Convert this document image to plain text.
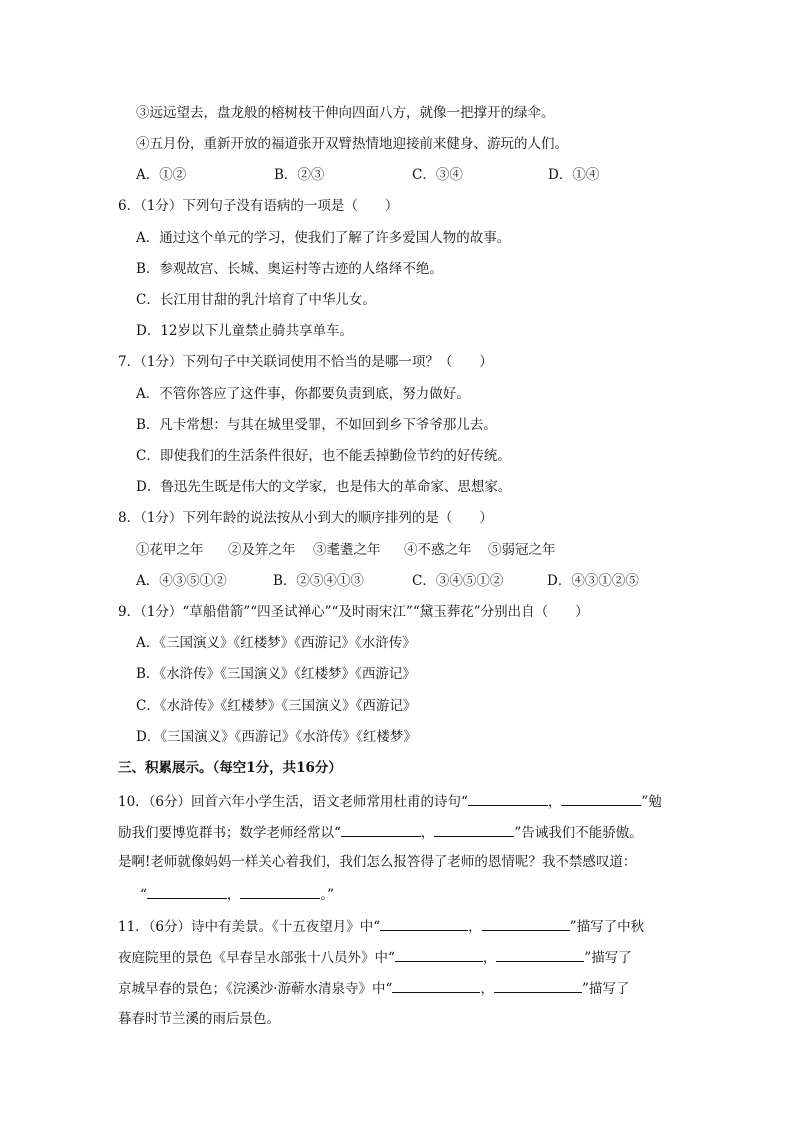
③远远望去，盘龙般的榕树枝干伸向四面八方，就像一把撑开的绿伞。
④五月份，重新开放的福道张开双臂热情地迎接前来健身、游玩的人们。
A．①②	B．②③	C．③④	D．①④
6．（1分）下列句子没有语病的一项是（　　）
A．通过这个单元的学习，使我们了解了许多爱国人物的故事。
B．参观故宫、长城、奥运村等古迹的人络绎不绝。
C．长江用甘甜的乳汁培育了中华儿女。
D．12岁以下儿童禁止骑共享单车。
7．（1分）下列句子中关联词使用不恰当的是哪一项？（　　）
A．不管你答应了这件事，你都要负责到底，努力做好。
B．凡卡常想：与其在城里受罪，不如回到乡下爷爷那儿去。
C．即使我们的生活条件很好，也不能丢掉勤俭节约的好传统。
D．鲁迅先生既是伟大的文学家，也是伟大的革命家、思想家。
8．（1分）下列年龄的说法按从小到大的顺序排列的是（　　）
①花甲之年 ②及笄之年 ③耄耋之年 ④不惑之年 ⑤弱冠之年
A．④③⑤①②	B．②⑤④①③	C．③④⑤①②	D．④③①②⑤
9．（1分）“草船借箭”“四圣试禅心”“及时雨宋江”“黛玉葬花”分别出自（　　）
A．《三国演义》《红楼梦》《西游记》《水浒传》
B．《水浒传》《三国演义》《红楼梦》《西游记》
C．《水浒传》《红楼梦》《三国演义》《西游记》
D．《三国演义》《西游记》《水浒传》《红楼梦》
三、积累展示。（每空1分，共16分）
10．（6分）回首六年小学生活，语文老师常用杜甫的诗句“	，	”勉
励我们要博览群书；数学老师经常以“	，	”告诫我们不能骄傲。
是啊!老师就像妈妈一样关心着我们，我们怎么报答得了老师的恩情呢？我不禁感叹道：
“	，	。”
11．（6分）诗中有美景。《十五夜望月》中“	，	”描写了中秋
夜庭院里的景色《早春呈水部张十八员外》中“	，	”描写了
京城早春的景色；《浣溪沙·游蕲水清泉寺》中“	，	”描写了
暮春时节兰溪的雨后景色。
